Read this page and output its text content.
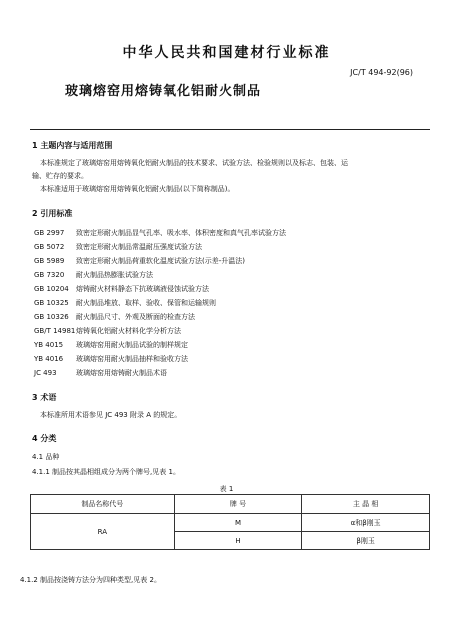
中华人民共和国建材行业标准
JC/T 494-92(96)
玻璃熔窑用熔铸氧化铝耐火制品
1 主题内容与适用范围
本标准规定了玻璃熔窑用熔铸氧化铝耐火制品的技术要求、试验方法、检验规则以及标志、包装、运
输、贮存的要求。
本标准适用于玻璃熔窑用熔铸氧化铝耐火制品(以下简称制品)。
2 引用标准
GB 2997 致密定形耐火制品显气孔率、吸水率、体积密度和真气孔率试验方法
GB 5072 致密定形耐火制品常温耐压强度试验方法
GB 5989 致密定形耐火制品荷重软化温度试验方法(示差-升温法)
GB 7320 耐火制品热膨胀试验方法
GB 10204 熔铸耐火材料静态下抗玻璃液侵蚀试验方法
GB 10325 耐火制品堆放、取样、验收、保管和运输规则
GB 10326 耐火制品尺寸、外观及断面的检查方法
GB/T 14981熔铸氧化铝耐火材料化学分析方法
YB 4015 玻璃熔窑用耐火制品试验的制样规定
YB 4016 玻璃熔窑用耐火制品抽样和验收方法
JC 493	玻璃熔窑用熔铸耐火制品术语
3 术语
本标准所用术语参见 JC 493 附录 A 的规定。
4 分类
4.1 品种
4.1.1 制品按其晶相组成分为两个牌号,见表 1。
表 1
制品名称代号	牌 号	主 晶 相
RA	M	α和β刚玉
	H	β刚玉
4.1.2 制品按浇铸方法分为四种类型,见表 2。
